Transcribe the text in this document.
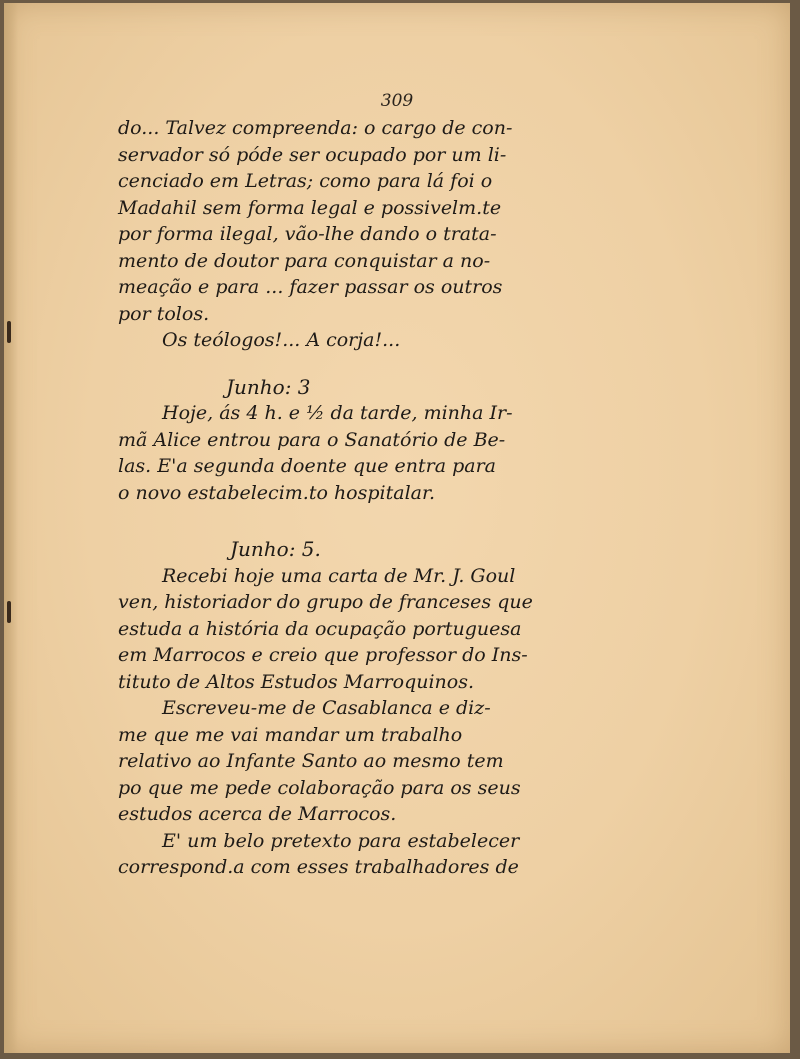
309
do... Talvez compreenda: o cargo de con-
servador só póde ser ocupado por um li-
cenciado em Letras; como para lá foi o
Madahil sem forma legal e possivelm.te
por forma ilegal, vão-lhe dando o trata-
mento de doutor para conquistar a no-
meação e para ... fazer passar os outros
por tolos.
Os teólogos!... A corja!...
Junho: 3
Hoje, ás 4 h. e ½ da tarde, minha Ir-
mã Alice entrou para o Sanatório de Be-
las. E'a segunda doente que entra para
o novo estabelecim.to hospitalar.
Junho: 5.
Recebi hoje uma carta de Mr. J. Goul
ven, historiador do grupo de franceses que
estuda a história da ocupação portuguesa
em Marrocos e creio que professor do Ins-
tituto de Altos Estudos Marroquinos.
Escreveu-me de Casablanca e diz-
me que me vai mandar um trabalho
relativo ao Infante Santo ao mesmo tem
po que me pede colaboração para os seus
estudos acerca de Marrocos.
E' um belo pretexto para estabelecer
correspond.a com esses trabalhadores de
